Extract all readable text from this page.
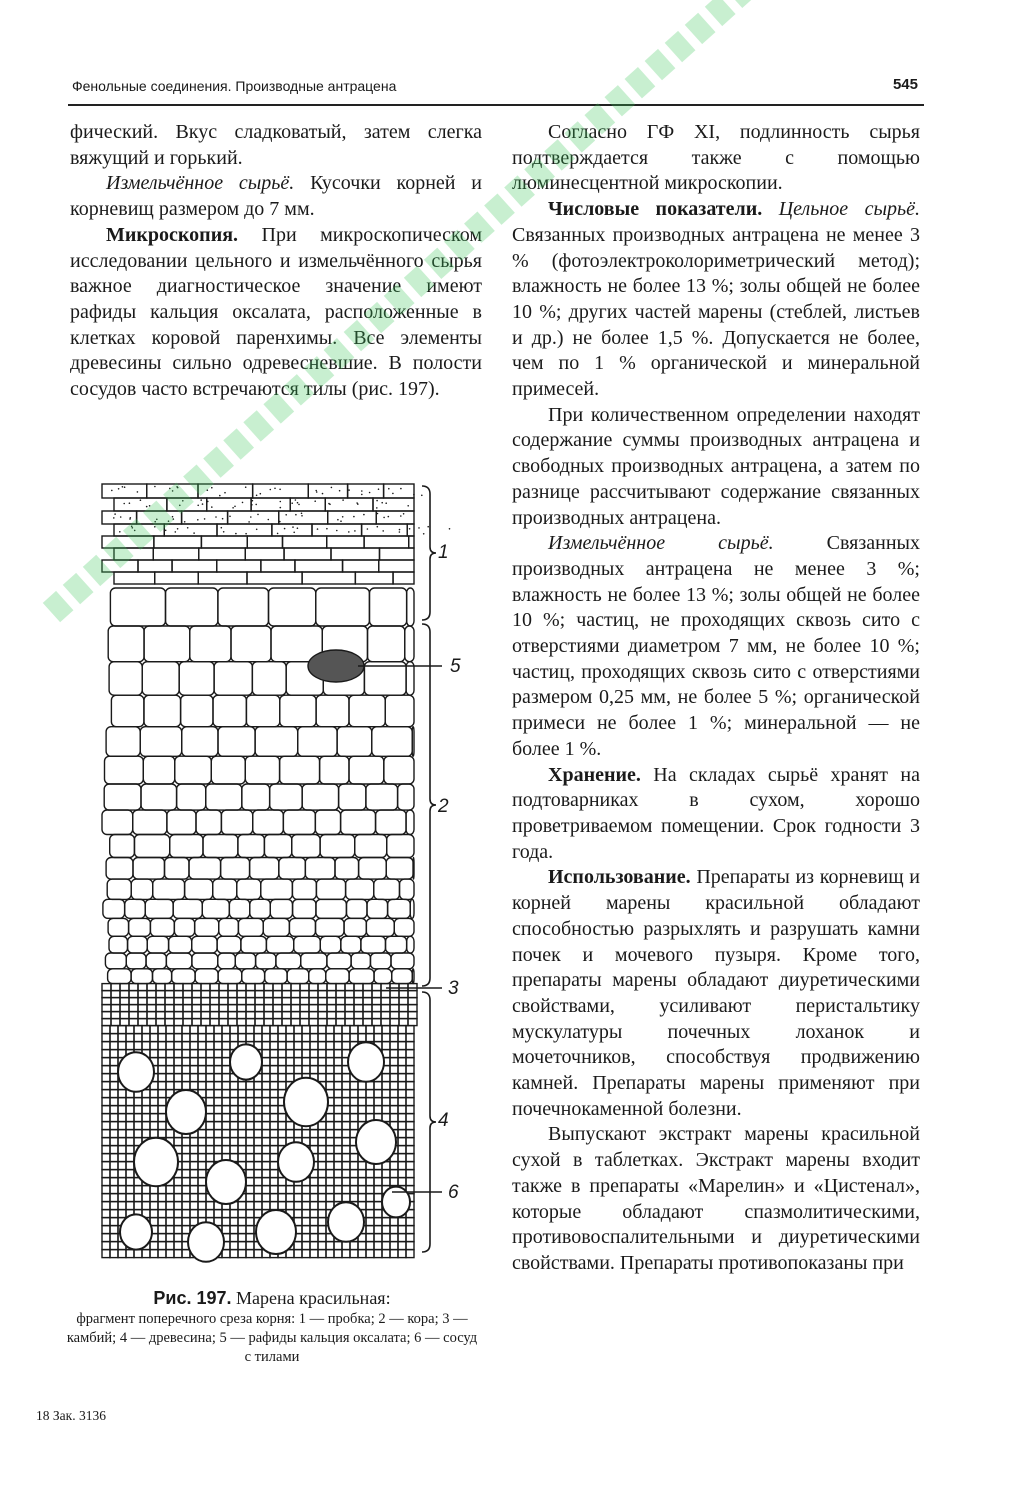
Фенольные соединения. Производные антрацена	545

фический. Вкус сладковатый, затем слегка вяжущий и горький.

Измельчённое сырьё. Кусочки корней и корневищ размером до 7 мм.

Микроскопия. При микроскопическом исследовании цельного и измельчённого сырья важное диагностическое значение имеют рафиды кальция оксалата, расположенные в клетках коровой паренхимы. Все элементы древесины сильно одревесневшие. В полости сосудов часто встречаются тилы (рис. 197).

1
5
2
3
4
6
Рис. 197. Марена красильная:
фрагмент поперечного среза корня: 1 — пробка; 2 — кора; 3 — камбий; 4 — древесина; 5 — рафиды кальция оксалата; 6 — сосуд с тилами

Согласно ГФ XI, подлинность сырья подтверждается также с помощью люминесцентной микроскопии.

Числовые показатели. Цельное сырьё. Связанных производных антрацена не менее 3 % (фотоэлектроколориметрический метод); влажность не более 13 %; золы общей не более 10 %; других частей марены (стеблей, листьев и др.) не более 1,5 %. Допускается не более, чем по 1 % органической и минеральной примесей.

При количественном определении находят содержание суммы производных антрацена и свободных производных антрацена, а затем по разнице рассчитывают содержание связанных производных антрацена.

Измельчённое сырьё. Связанных производных антрацена не менее 3 %; влажность не более 13 %; золы общей не более 10 %; частиц, не проходящих сквозь сито с отверстиями диаметром 7 мм, не более 10 %; частиц, проходящих сквозь сито с отверстиями размером 0,25 мм, не более 5 %; органической примеси не более 1 %; минеральной — не более 1 %.

Хранение. На складах сырьё хранят на подтоварниках в сухом, хорошо проветриваемом помещении. Срок годности 3 года.

Использование. Препараты из корневищ и корней марены красильной обладают способностью разрыхлять и разрушать камни почек и мочевого пузыря. Кроме того, препараты марены обладают диуретическими свойствами, усиливают перистальтику мускулатуры почечных лоханок и мочеточников, способствуя продвижению камней. Препараты марены применяют при почечнокаменной болезни.

Выпускают экстракт марены красильной сухой в таблетках. Экстракт марены входит также в препараты «Марелин» и «Цистенал», которые обладают спазмолитическими, противовоспалительными и диуретическими свойствами. Препараты противопоказаны при

18 Зак. 3136
